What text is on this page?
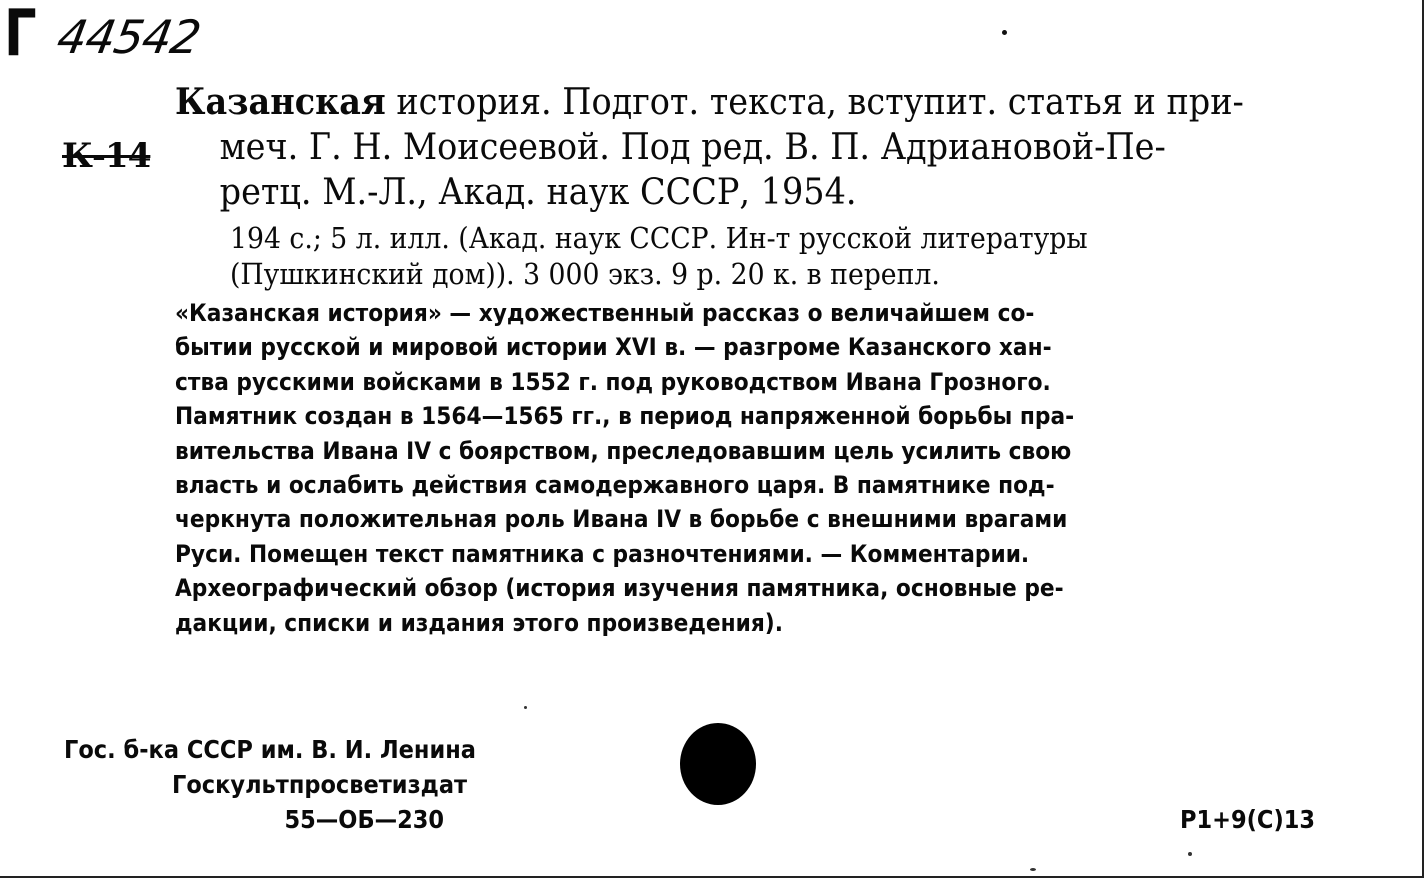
Г 44542
К-14
Казанская история. Подгот. текста, вступит. статья и при-
меч. Г. Н. Моисеевой. Под ред. В. П. Адриановой-Пе-
ретц. М.-Л., Акад. наук СССР, 1954.
194 с.; 5 л. илл. (Акад. наук СССР. Ин-т русской литературы
(Пушкинский дом)). 3 000 экз. 9 р. 20 к. в перепл.
«Казанская история» — художественный рассказ о величайшем со-
бытии русской и мировой истории XVI в. — разгроме Казанского хан-
ства русскими войсками в 1552 г. под руководством Ивана Грозного.
Памятник создан в 1564—1565 гг., в период напряженной борьбы пра-
вительства Ивана IV с боярством, преследовавшим цель усилить свою
власть и ослабить действия самодержавного царя. В памятнике под-
черкнута положительная роль Ивана IV в борьбе с внешними врагами
Руси. Помещен текст памятника с разночтениями. — Комментарии.
Археографический обзор (история изучения памятника, основные ре-
дакции, списки и издания этого произведения).
Гос. б-ка СССР им. В. И. Ленина
Госкультпросветиздат
55—ОБ—230	Р1+9(С)13
